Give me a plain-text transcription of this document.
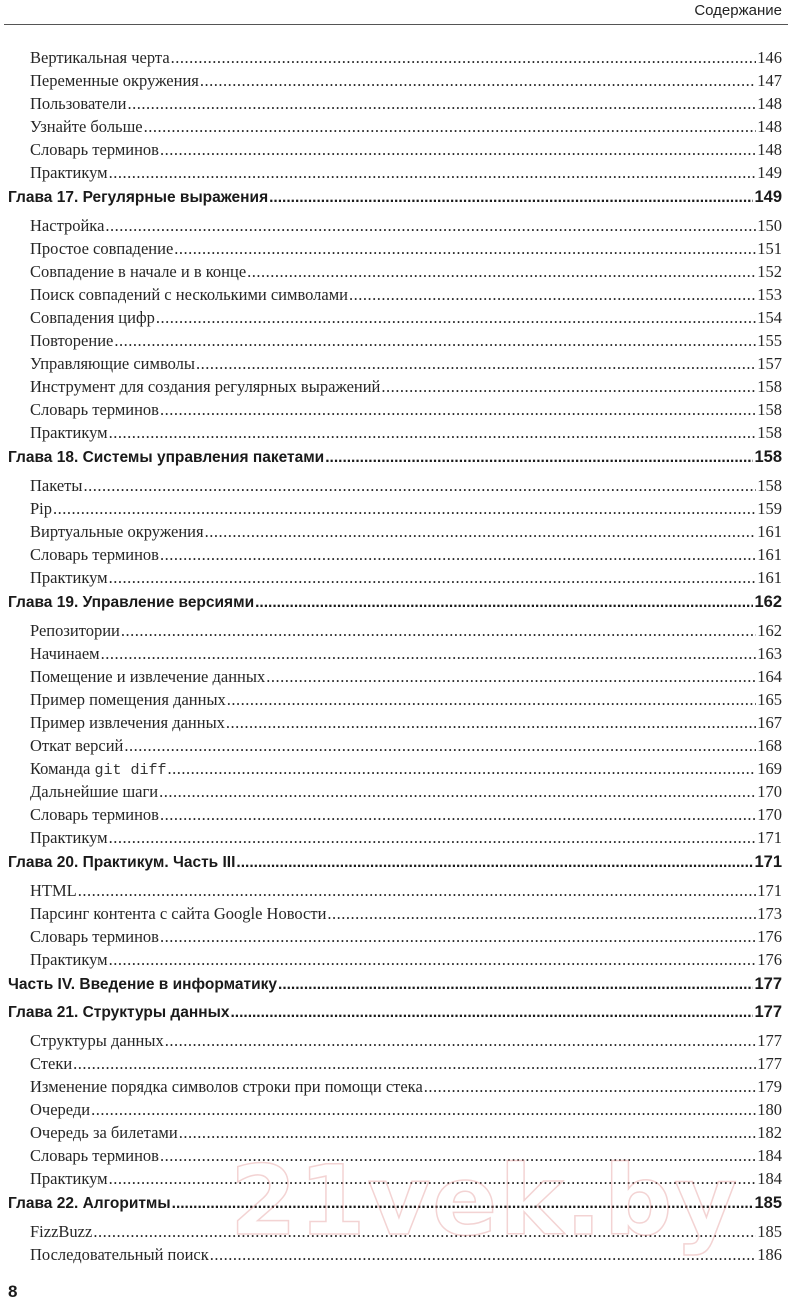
Содержание
Вертикальная черта .....	146
Переменные окружения .....	147
Пользователи .....	148
Узнайте больше .....	148
Словарь терминов .....	148
Практикум .....	149
Глава 17. Регулярные выражения .....	149
Настройка .....	150
Простое совпадение .....	151
Совпадение в начале и в конце .....	152
Поиск совпадений с несколькими символами .....	153
Совпадения цифр .....	154
Повторение .....	155
Управляющие символы .....	157
Инструмент для создания регулярных выражений .....	158
Словарь терминов .....	158
Практикум .....	158
Глава 18. Системы управления пакетами .....	158
Пакеты .....	158
Pip .....	159
Виртуальные окружения .....	161
Словарь терминов .....	161
Практикум .....	161
Глава 19. Управление версиями .....	162
Репозитории .....	162
Начинаем .....	163
Помещение и извлечение данных .....	164
Пример помещения данных .....	165
Пример извлечения данных .....	167
Откат версий .....	168
Команда git diff .....	169
Дальнейшие шаги .....	170
Словарь терминов .....	170
Практикум .....	171
Глава 20. Практикум. Часть III .....	171
HTML .....	171
Парсинг контента с сайта Google Новости .....	173
Словарь терминов .....	176
Практикум .....	176
Часть IV. Введение в информатику .....	177
Глава 21. Структуры данных .....	177
Структуры данных .....	177
Стеки .....	177
Изменение порядка символов строки при помощи стека .....	179
Очереди .....	180
Очередь за билетами .....	182
Словарь терминов .....	184
Практикум .....	184
Глава 22. Алгоритмы .....	185
FizzBuzz .....	185
Последовательный поиск .....	186
21vek.by
8
